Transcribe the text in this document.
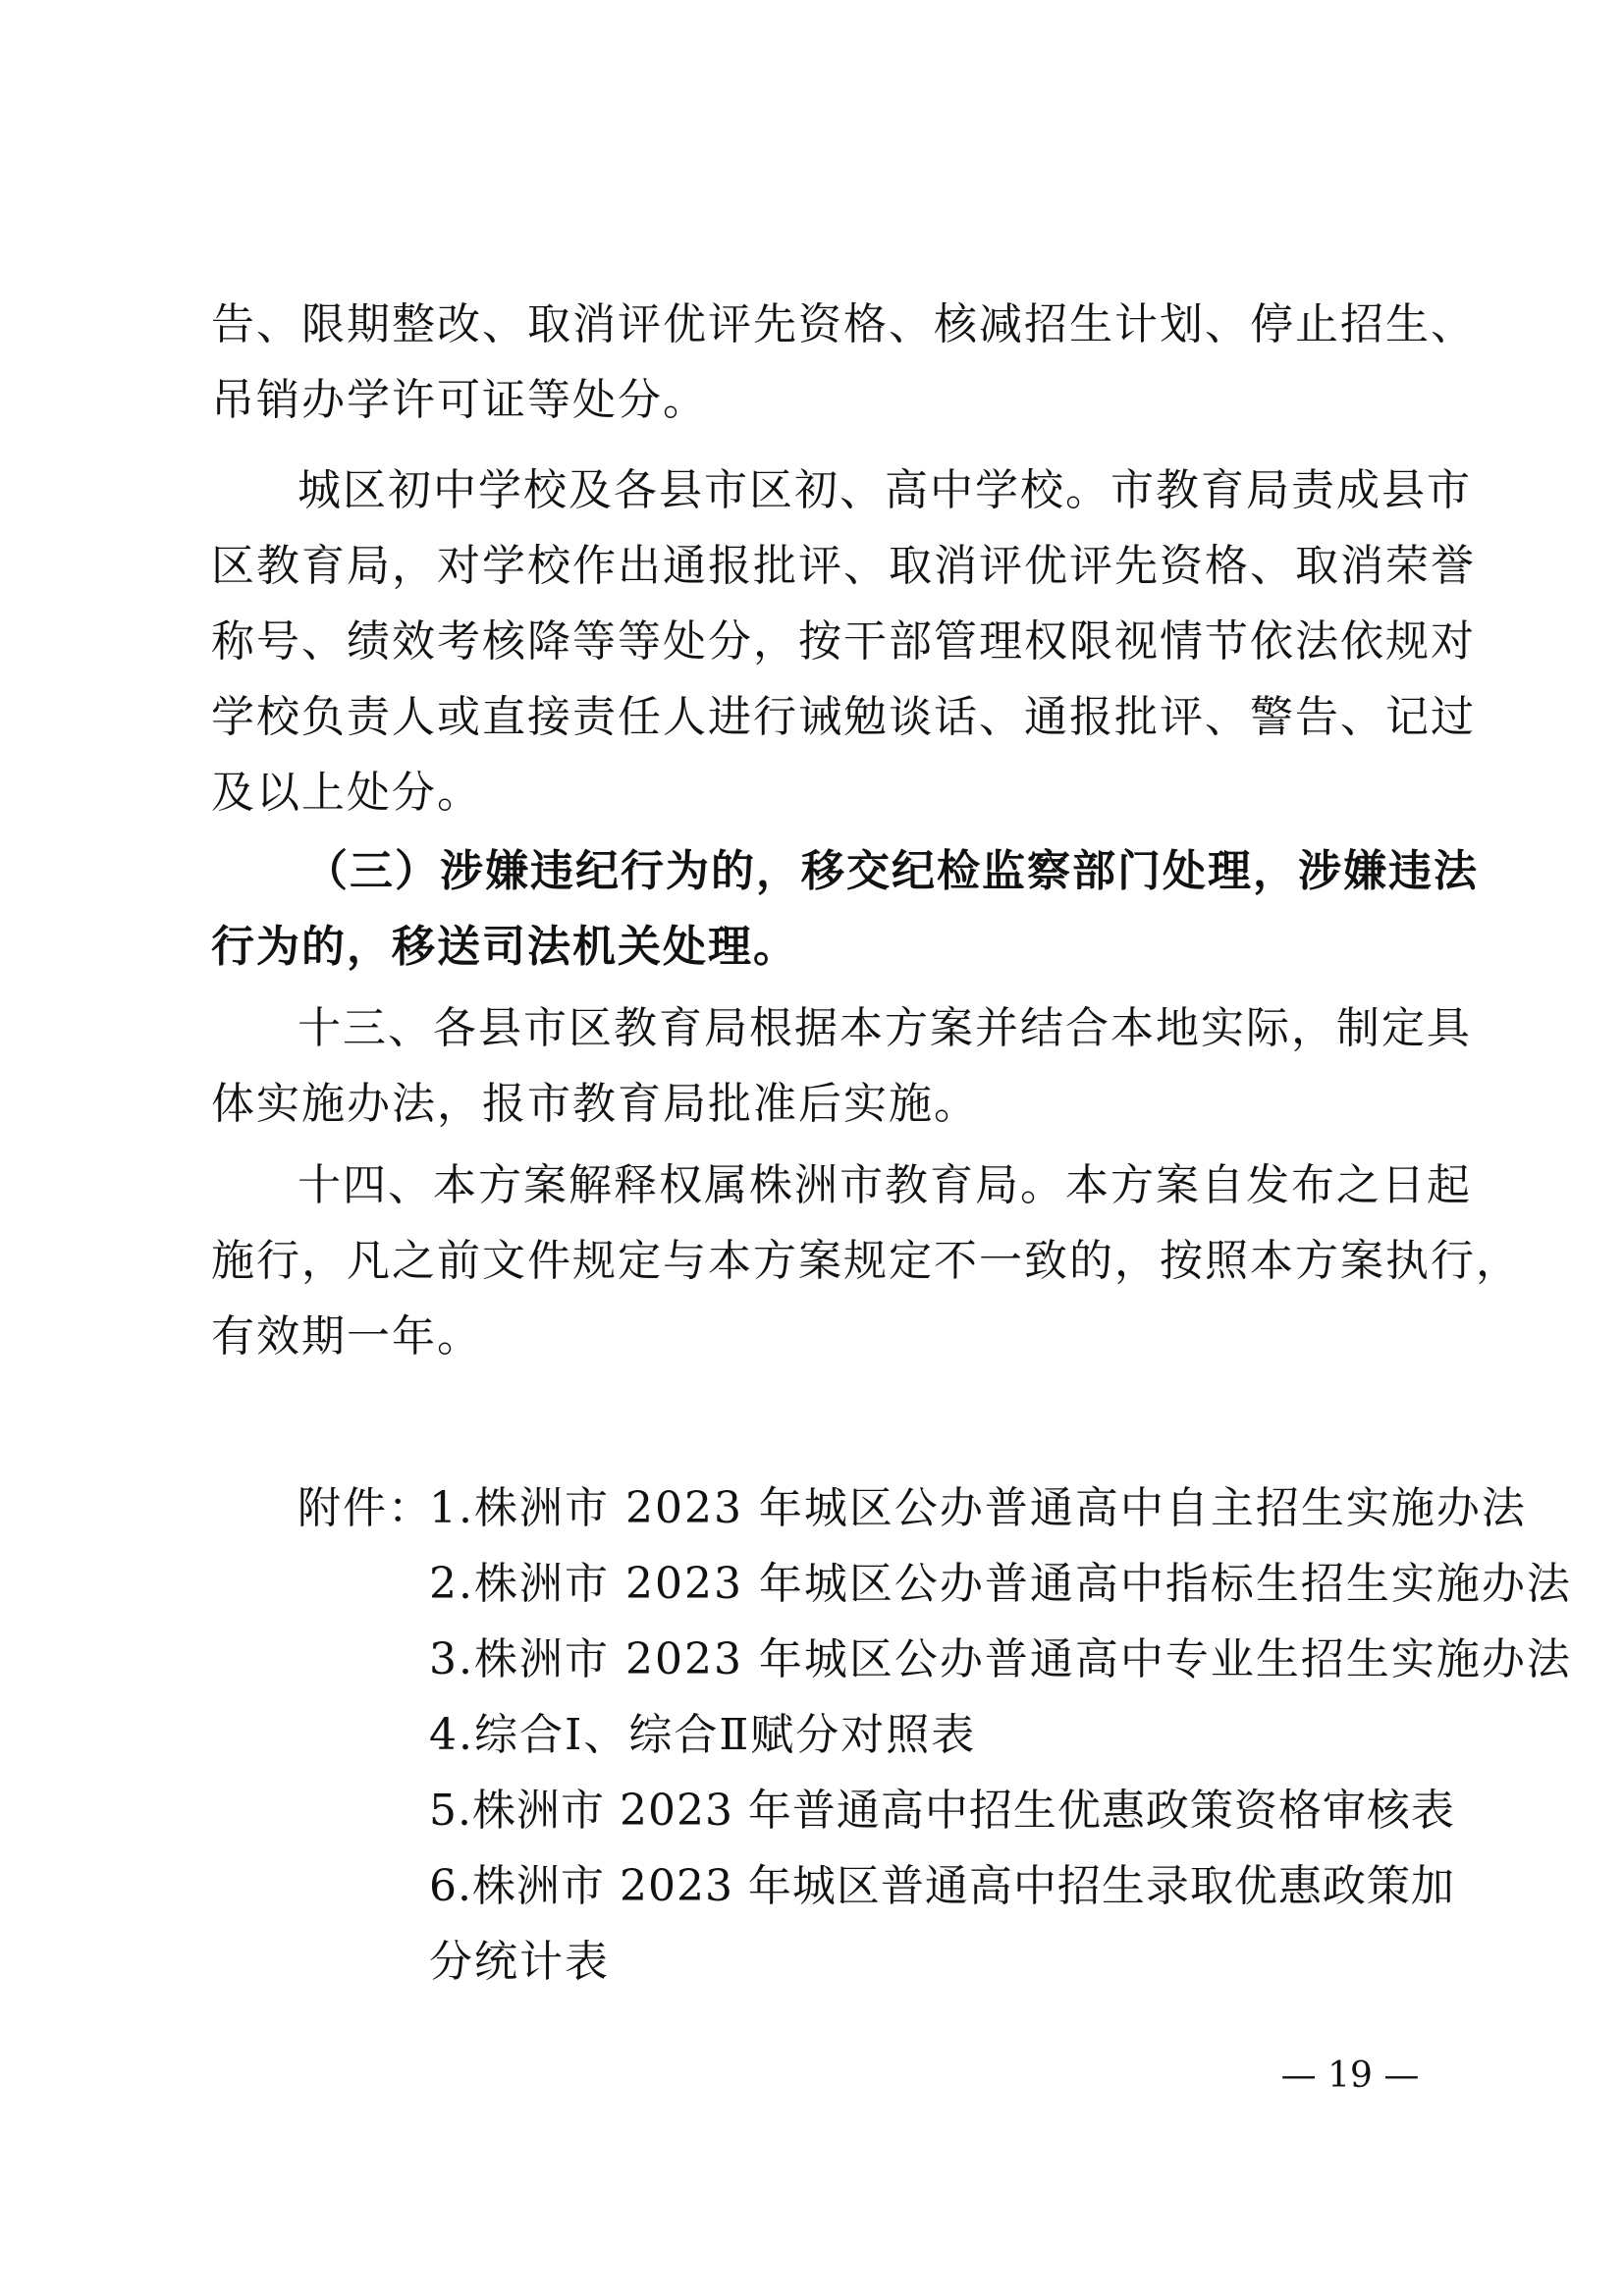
告、限期整改、取消评优评先资格、核减招生计划、停止招生、
吊销办学许可证等处分。
城区初中学校及各县市区初、高中学校。市教育局责成县市
区教育局，对学校作出通报批评、取消评优评先资格、取消荣誉
称号、绩效考核降等等处分，按干部管理权限视情节依法依规对
学校负责人或直接责任人进行诫勉谈话、通报批评、警告、记过
及以上处分。
（三）涉嫌违纪行为的，移交纪检监察部门处理，涉嫌违法
行为的，移送司法机关处理。
十三、各县市区教育局根据本方案并结合本地实际，制定具
体实施办法，报市教育局批准后实施。
十四、本方案解释权属株洲市教育局。本方案自发布之日起
施行，凡之前文件规定与本方案规定不一致的，按照本方案执行，
有效期一年。
附件：
1.株洲市 2023 年城区公办普通高中自主招生实施办法
2.株洲市 2023 年城区公办普通高中指标生招生实施办法
3.株洲市 2023 年城区公办普通高中专业生招生实施办法
4.综合Ⅰ、综合Ⅱ赋分对照表
5.株洲市 2023 年普通高中招生优惠政策资格审核表
6.株洲市 2023 年城区普通高中招生录取优惠政策加
分统计表
— 19 —
